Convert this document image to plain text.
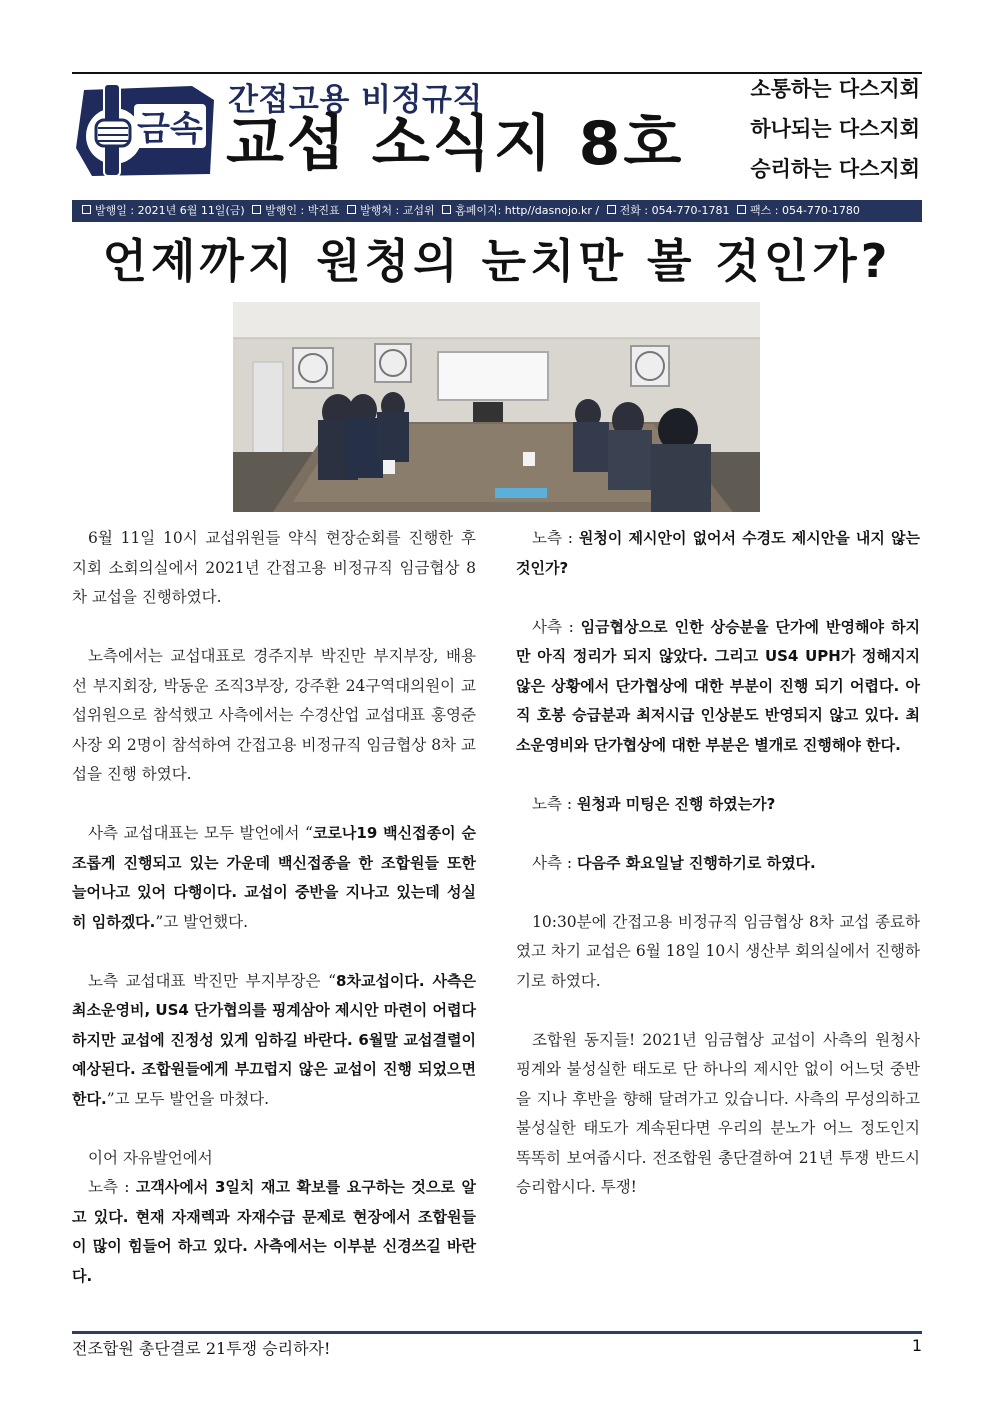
금속
간접고용 비정규직
교섭 소식지 8호
소통하는 다스지회
하나되는 다스지회
승리하는 다스지회
발행일 : 2021년 6월 11일(금) 발행인 : 박진표 발행처 : 교섭위 홈페이지: http//dasnojo.kr / 전화 : 054-770-1781 팩스 : 054-770-1780
언제까지 원청의 눈치만 볼 것인가?

6월 11일 10시 교섭위원들 약식 현장순회를 진행한 후 지회 소회의실에서 2021년 간접고용 비정규직 임금협상 8차 교섭을 진행하였다.

노측에서는 교섭대표로 경주지부 박진만 부지부장, 배용선 부지회장, 박동운 조직3부장, 강주환 24구역대의원이 교섭위원으로 참석했고 사측에서는 수경산업 교섭대표 홍영준 사장 외 2명이 참석하여 간접고용 비정규직 임금협상 8차 교섭을 진행 하였다.

사측 교섭대표는 모두 발언에서 “코로나19 백신접종이 순조롭게 진행되고 있는 가운데 백신접종을 한 조합원들 또한 늘어나고 있어 다행이다. 교섭이 중반을 지나고 있는데 성실히 임하겠다.”고 발언했다.

노측 교섭대표 박진만 부지부장은 “8차교섭이다. 사측은 최소운영비, US4 단가협의를 핑계삼아 제시안 마련이 어렵다 하지만 교섭에 진정성 있게 임하길 바란다. 6월말 교섭결렬이 예상된다. 조합원들에게 부끄럽지 않은 교섭이 진행 되었으면 한다.”고 모두 발언을 마쳤다.

이어 자유발언에서

노측 : 고객사에서 3일치 재고 확보를 요구하는 것으로 알고 있다. 현재 자재렉과 자재수급 문제로 현장에서 조합원들이 많이 힘들어 하고 있다. 사측에서는 이부분 신경쓰길 바란다.

노측 : 원청이 제시안이 없어서 수경도 제시안을 내지 않는 것인가?

사측 : 임금협상으로 인한 상승분을 단가에 반영해야 하지만 아직 정리가 되지 않았다. 그리고 US4 UPH가 정해지지 않은 상황에서 단가협상에 대한 부분이 진행 되기 어렵다. 아직 호봉 승급분과 최저시급 인상분도 반영되지 않고 있다. 최소운영비와 단가협상에 대한 부분은 별개로 진행해야 한다.

노측 : 원청과 미팅은 진행 하였는가?

사측 : 다음주 화요일날 진행하기로 하였다.

10:30분에 간접고용 비정규직 임금협상 8차 교섭 종료하였고 차기 교섭은 6월 18일 10시 생산부 회의실에서 진행하기로 하였다.

조합원 동지들! 2021년 임금협상 교섭이 사측의 원청사 핑계와 불성실한 태도로 단 하나의 제시안 없이 어느덧 중반을 지나 후반을 향해 달려가고 있습니다. 사측의 무성의하고 불성실한 태도가 계속된다면 우리의 분노가 어느 정도인지 똑똑히 보여줍시다. 전조합원 총단결하여 21년 투쟁 반드시 승리합시다. 투쟁!

전조합원 총단결로 21투쟁 승리하자!	1
